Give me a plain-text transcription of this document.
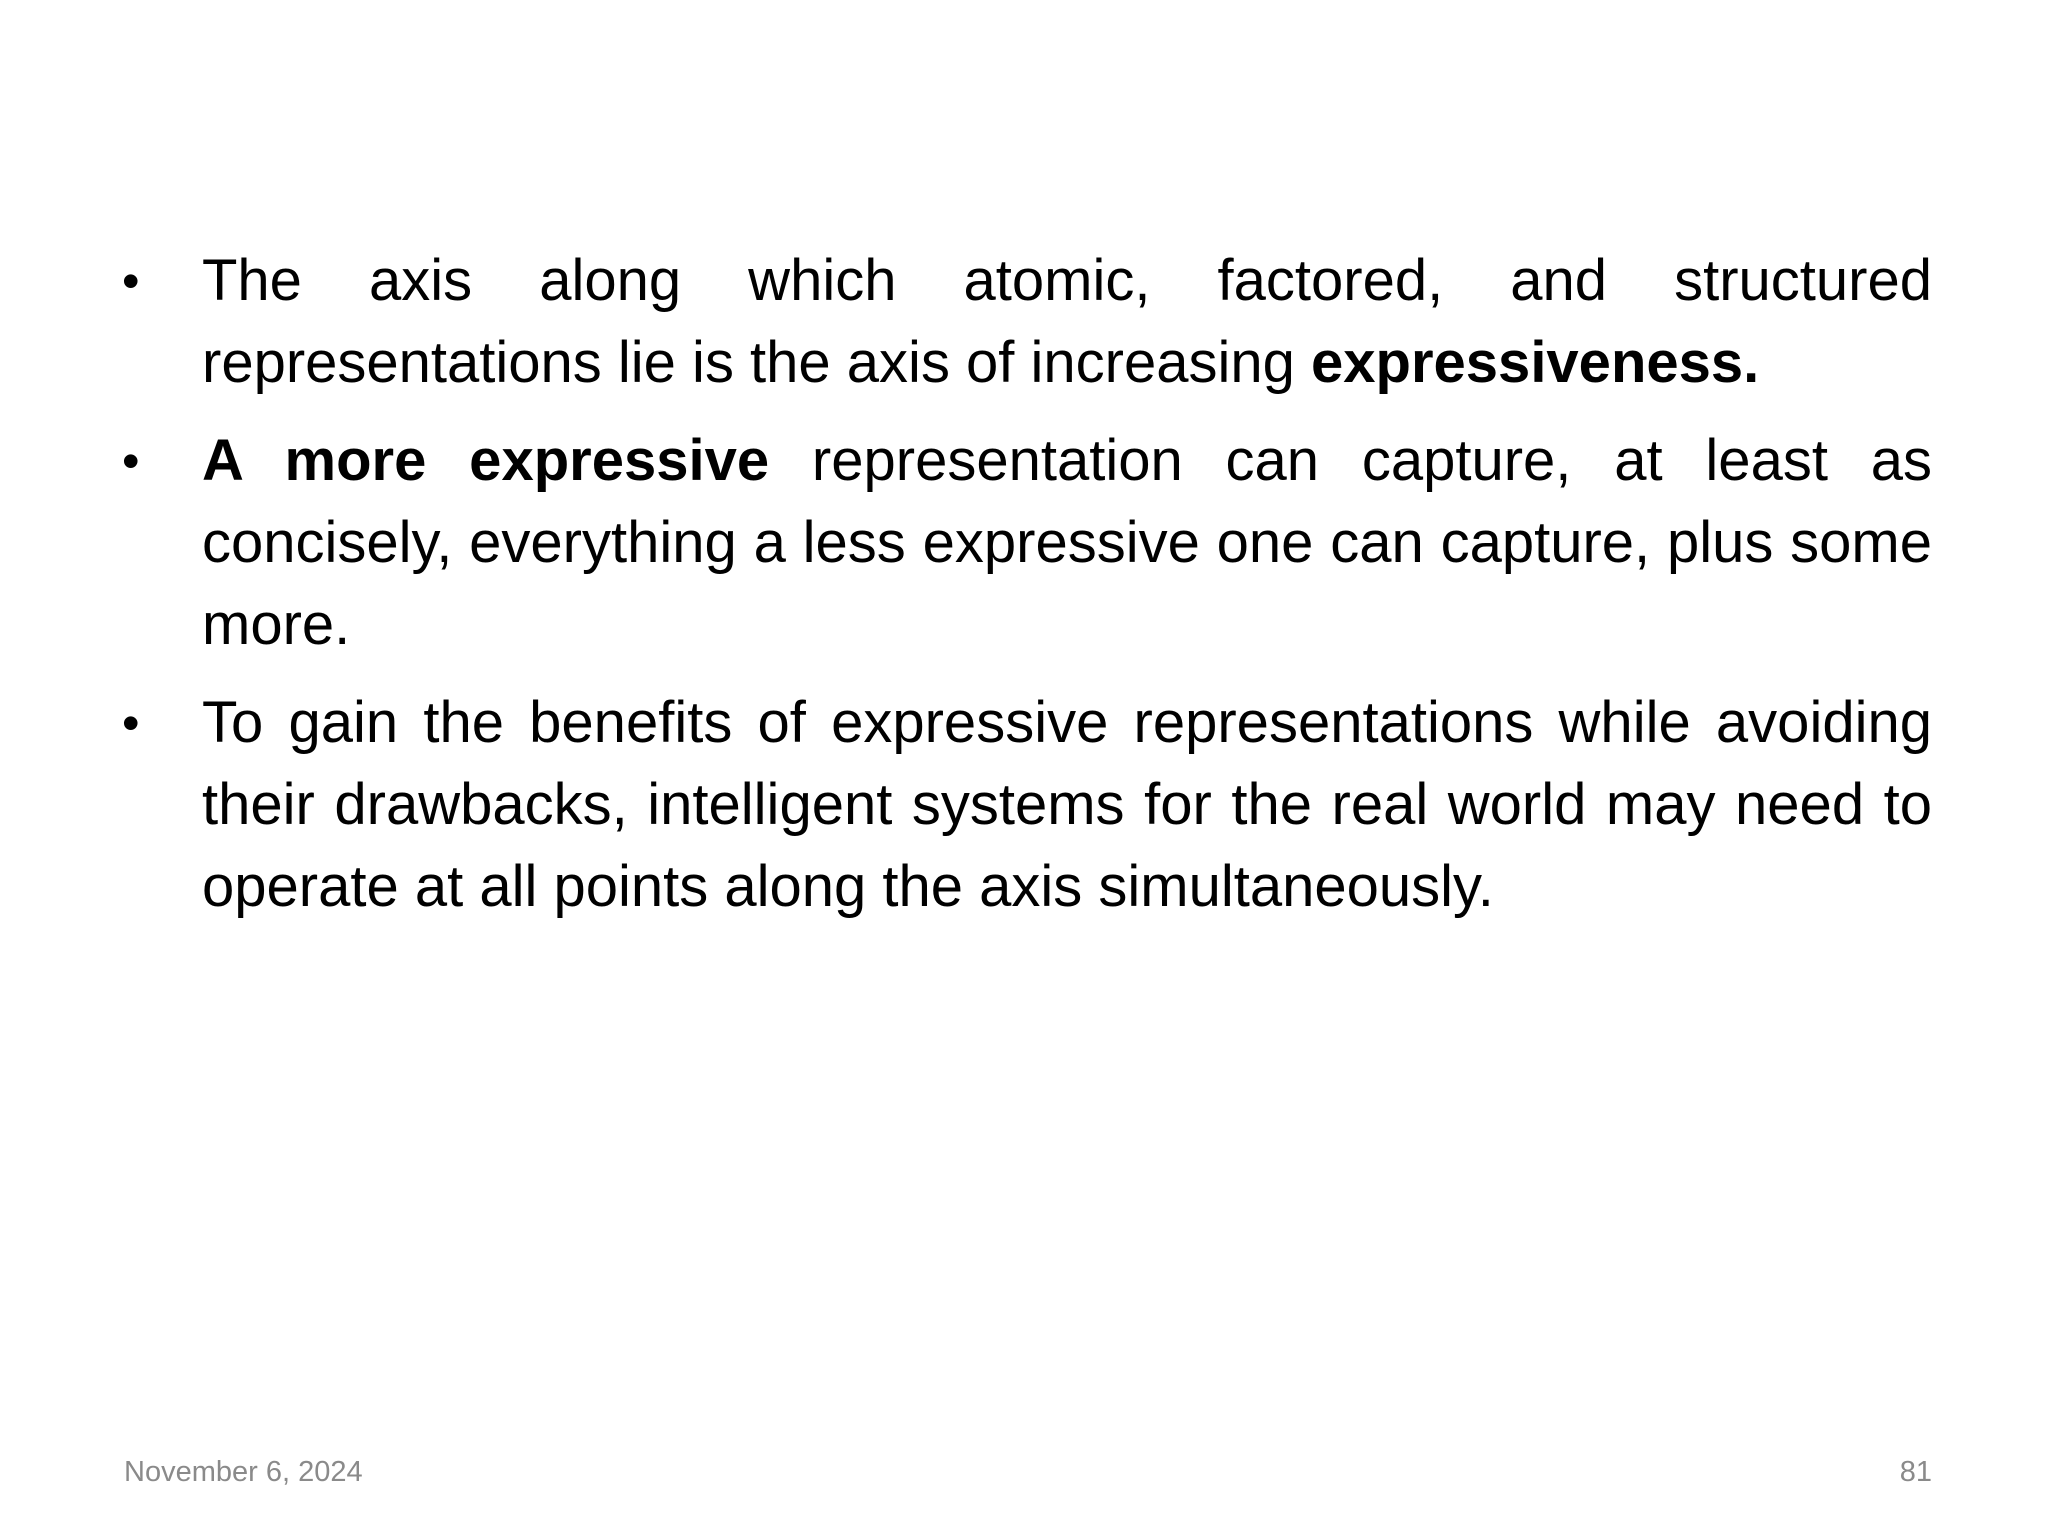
•	The axis along which atomic, factored, and structured representations lie is the axis of increasing expressiveness.
•	A more expressive representation can capture, at least as concisely, everything a less expressive one can capture, plus some more.
•	To gain the benefits of expressive representations while avoiding their drawbacks, intelligent systems for the real world may need to operate at all points along the axis simultaneously.
November 6, 2024	81
